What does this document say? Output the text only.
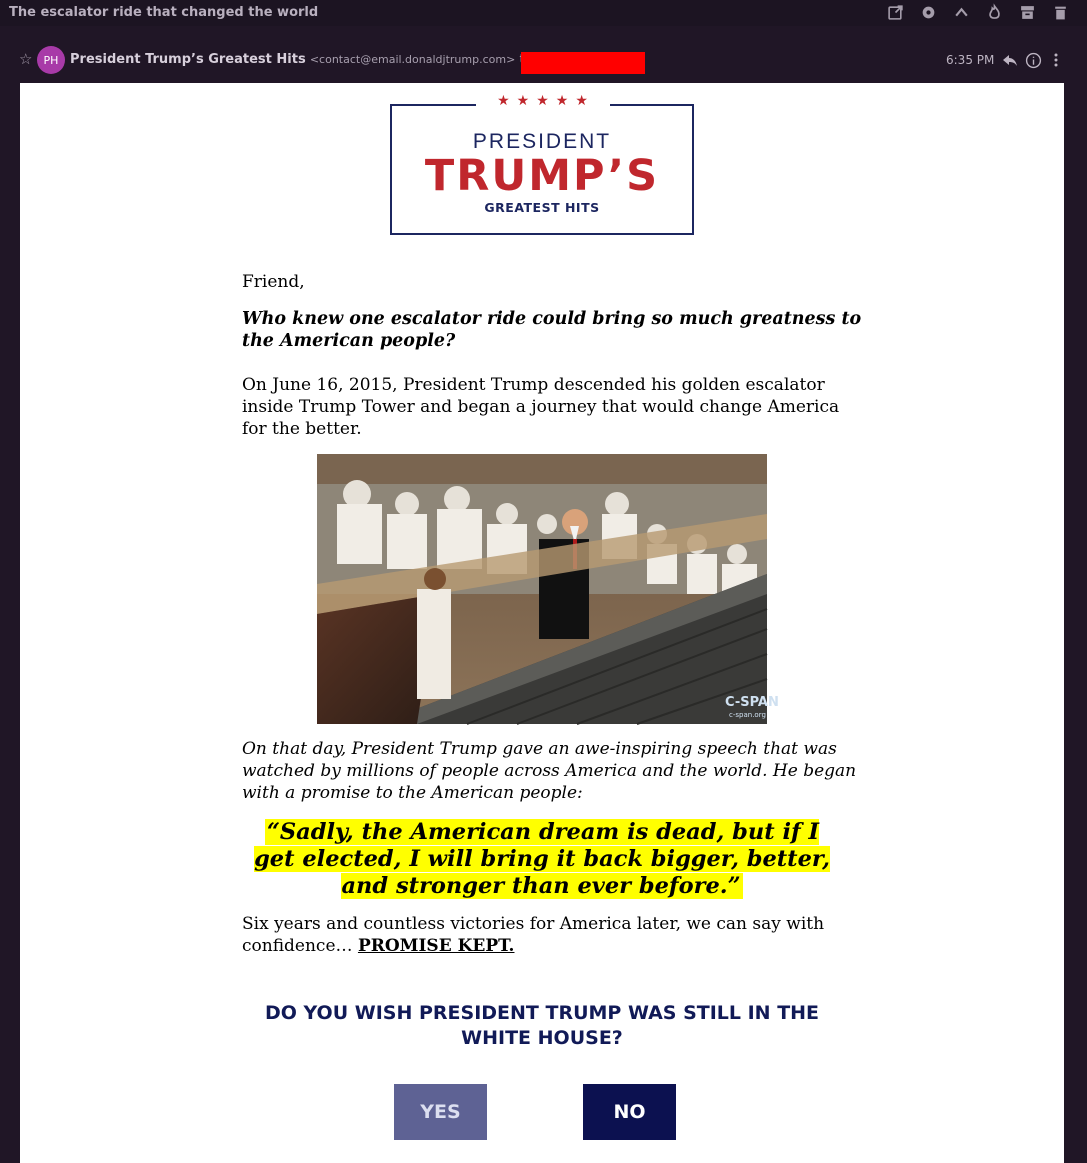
The escalator ride that changed the world
☆	PH President Trump’s Greatest Hits <contact@email.donaldjtrump.com>	6:35 PM
★★★★★
PRESIDENT
TRUMP’S
GREATEST HITS
Friend,
Who knew one escalator ride could bring so much greatness to the American people?
On June 16, 2015, President Trump descended his golden escalator inside Trump Tower and began a journey that would change America for the better.
C-SPAN
c-span.org
On that day, President Trump gave an awe-inspiring speech that was watched by millions of people across America and the world. He began with a promise to the American people:
“Sadly, the American dream is dead, but if I get elected, I will bring it back bigger, better, and stronger than ever before.”
Six years and countless victories for America later, we can say with confidence… PROMISE KEPT.
DO YOU WISH PRESIDENT TRUMP WAS STILL IN THE WHITE HOUSE?
YES	NO
